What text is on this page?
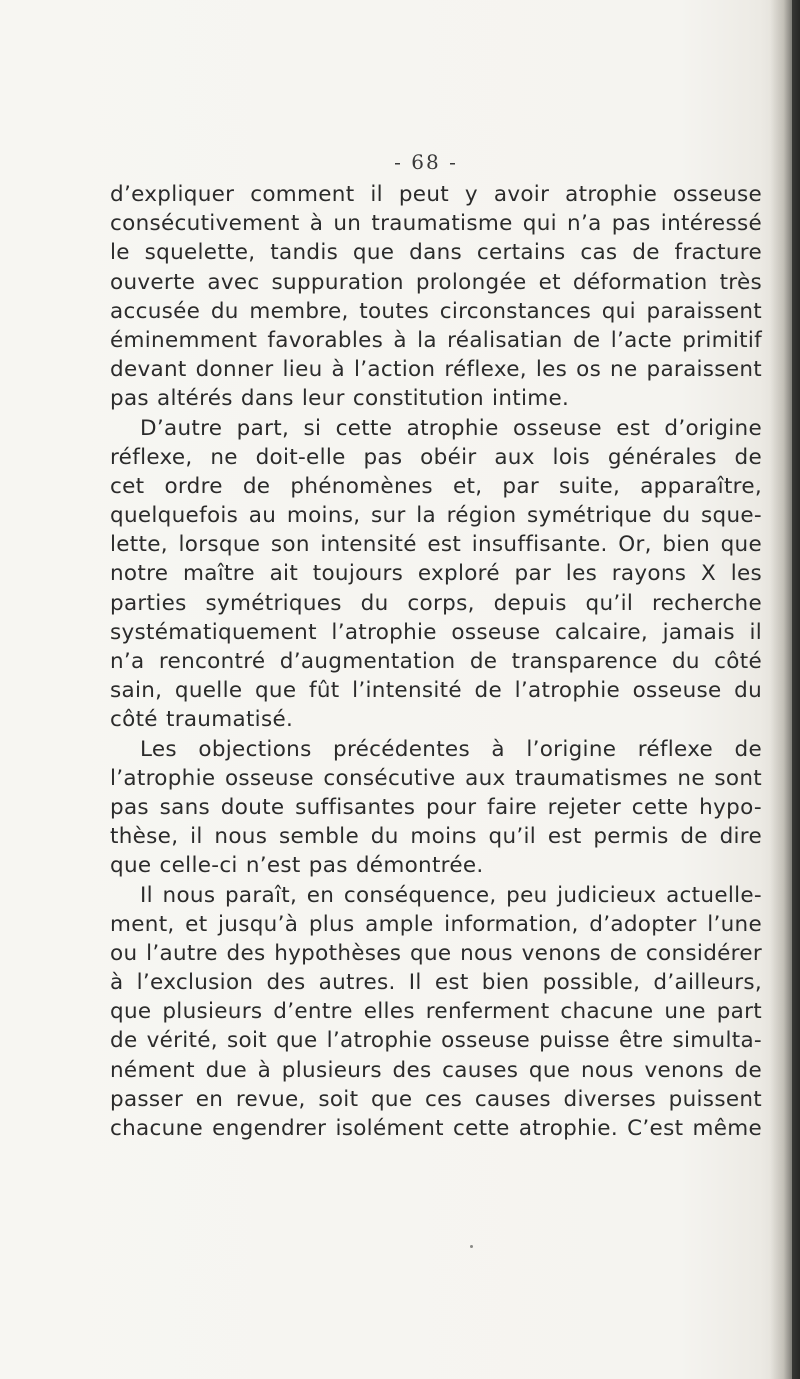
- 68 -
d’expliquer comment il peut y avoir atrophie osseuse
consécutivement à un traumatisme qui n’a pas intéressé
le squelette, tandis que dans certains cas de fracture
ouverte avec suppuration prolongée et déformation très
accusée du membre, toutes circonstances qui paraissent
éminemment favorables à la réalisatian de l’acte primitif
devant donner lieu à l’action réflexe, les os ne paraissent
pas altérés dans leur constitution intime.
D’autre part, si cette atrophie osseuse est d’origine
réflexe, ne doit-elle pas obéir aux lois générales de
cet ordre de phénomènes et, par suite, apparaître,
quelquefois au moins, sur la région symétrique du sque-
lette, lorsque son intensité est insuffisante. Or, bien que
notre maître ait toujours exploré par les rayons X les
parties symétriques du corps, depuis qu’il recherche
systématiquement l’atrophie osseuse calcaire, jamais il
n’a rencontré d’augmentation de transparence du côté
sain, quelle que fût l’intensité de l’atrophie osseuse du
côté traumatisé.
Les objections précédentes à l’origine réflexe de
l’atrophie osseuse consécutive aux traumatismes ne sont
pas sans doute suffisantes pour faire rejeter cette hypo-
thèse, il nous semble du moins qu’il est permis de dire
que celle-ci n’est pas démontrée.
Il nous paraît, en conséquence, peu judicieux actuelle-
ment, et jusqu’à plus ample information, d’adopter l’une
ou l’autre des hypothèses que nous venons de considérer
à l’exclusion des autres. Il est bien possible, d’ailleurs,
que plusieurs d’entre elles renferment chacune une part
de vérité, soit que l’atrophie osseuse puisse être simulta-
nément due à plusieurs des causes que nous venons de
passer en revue, soit que ces causes diverses puissent
chacune engendrer isolément cette atrophie. C’est même
